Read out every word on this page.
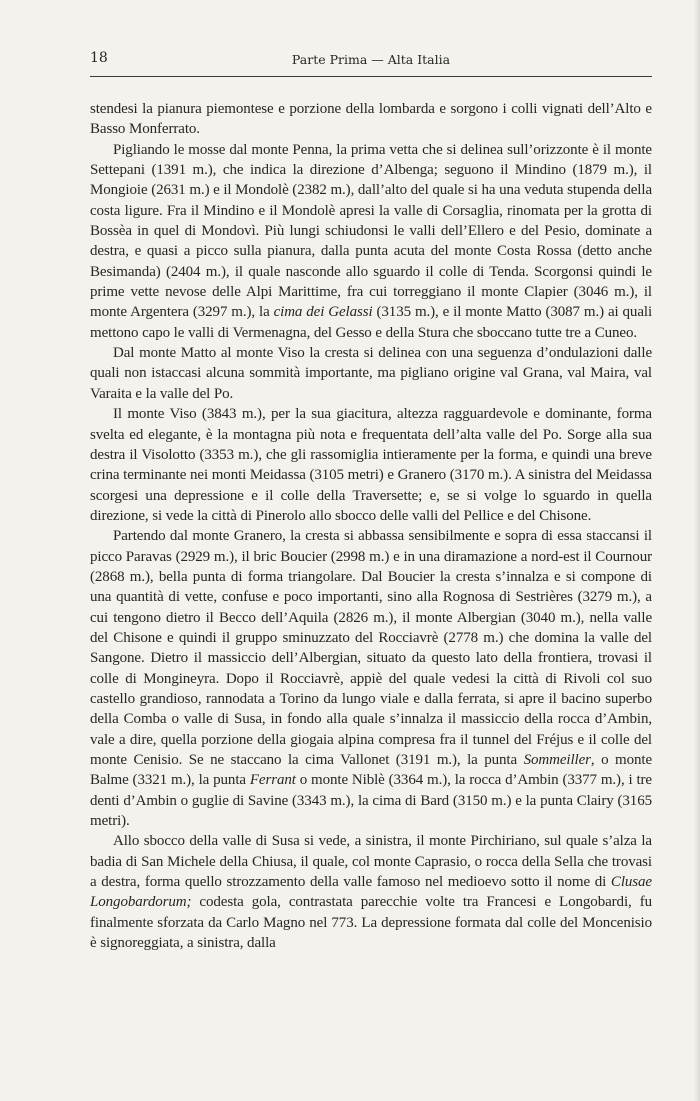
18	Parte Prima — Alta Italia

stendesi la pianura piemontese e porzione della lombarda e sorgono i colli vignati dell’Alto e Basso Monferrato.

Pigliando le mosse dal monte Penna, la prima vetta che si delinea sull’orizzonte è il monte Settepani (1391 m.), che indica la direzione d’Albenga; seguono il Mindino (1879 m.), il Mongioie (2631 m.) e il Mondolè (2382 m.), dall’alto del quale si ha una veduta stupenda della costa ligure. Fra il Mindino e il Mondolè apresi la valle di Corsaglia, rinomata per la grotta di Bossèa in quel di Mondovì. Più lungi schiudonsi le valli dell’Ellero e del Pesio, dominate a destra, e quasi a picco sulla pianura, dalla punta acuta del monte Costa Rossa (detto anche Besimanda) (2404 m.), il quale nasconde allo sguardo il colle di Tenda. Scorgonsi quindi le prime vette nevose delle Alpi Marittime, fra cui torreggiano il monte Clapier (3046 m.), il monte Argentera (3297 m.), la cima dei Gelassi (3135 m.), e il monte Matto (3087 m.) ai quali mettono capo le valli di Vermenagna, del Gesso e della Stura che sboccano tutte tre a Cuneo.

Dal monte Matto al monte Viso la cresta si delinea con una seguenza d’ondulazioni dalle quali non istaccasi alcuna sommità importante, ma pigliano origine val Grana, val Maira, val Varaita e la valle del Po.

Il monte Viso (3843 m.), per la sua giacitura, altezza ragguardevole e dominante, forma svelta ed elegante, è la montagna più nota e frequentata dell’alta valle del Po. Sorge alla sua destra il Visolotto (3353 m.), che gli rassomiglia intieramente per la forma, e quindi una breve crina terminante nei monti Meidassa (3105 metri) e Granero (3170 m.). A sinistra del Meidassa scorgesi una depressione e il colle della Traversette; e, se si volge lo sguardo in quella direzione, si vede la città di Pinerolo allo sbocco delle valli del Pellice e del Chisone.

Partendo dal monte Granero, la cresta si abbassa sensibilmente e sopra di essa staccansi il picco Paravas (2929 m.), il bric Boucier (2998 m.) e in una diramazione a nord-est il Cournour (2868 m.), bella punta di forma triangolare. Dal Boucier la cresta s’innalza e si compone di una quantità di vette, confuse e poco importanti, sino alla Rognosa di Sestrières (3279 m.), a cui tengono dietro il Becco dell’Aquila (2826 m.), il monte Albergian (3040 m.), nella valle del Chisone e quindi il gruppo sminuzzato del Rocciavrè (2778 m.) che domina la valle del Sangone. Dietro il massiccio dell’Albergian, situato da questo lato della frontiera, trovasi il colle di Mongineyra. Dopo il Rocciavrè, appiè del quale vedesi la città di Rivoli col suo castello grandioso, rannodata a Torino da lungo viale e dalla ferrata, si apre il bacino superbo della Comba o valle di Susa, in fondo alla quale s’innalza il massiccio della rocca d’Ambin, vale a dire, quella porzione della giogaia alpina compresa fra il tunnel del Fréjus e il colle del monte Cenisio. Se ne staccano la cima Vallonet (3191 m.), la punta Sommeiller, o monte Balme (3321 m.), la punta Ferrant o monte Niblè (3364 m.), la rocca d’Ambin (3377 m.), i tre denti d’Ambin o guglie di Savine (3343 m.), la cima di Bard (3150 m.) e la punta Clairy (3165 metri).

Allo sbocco della valle di Susa si vede, a sinistra, il monte Pirchiriano, sul quale s’alza la badia di San Michele della Chiusa, il quale, col monte Caprasio, o rocca della Sella che trovasi a destra, forma quello strozzamento della valle famoso nel medioevo sotto il nome di Clusae Longobardorum; codesta gola, contrastata parecchie volte tra Francesi e Longobardi, fu finalmente sforzata da Carlo Magno nel 773. La depressione formata dal colle del Moncenisio è signoreggiata, a sinistra, dalla
